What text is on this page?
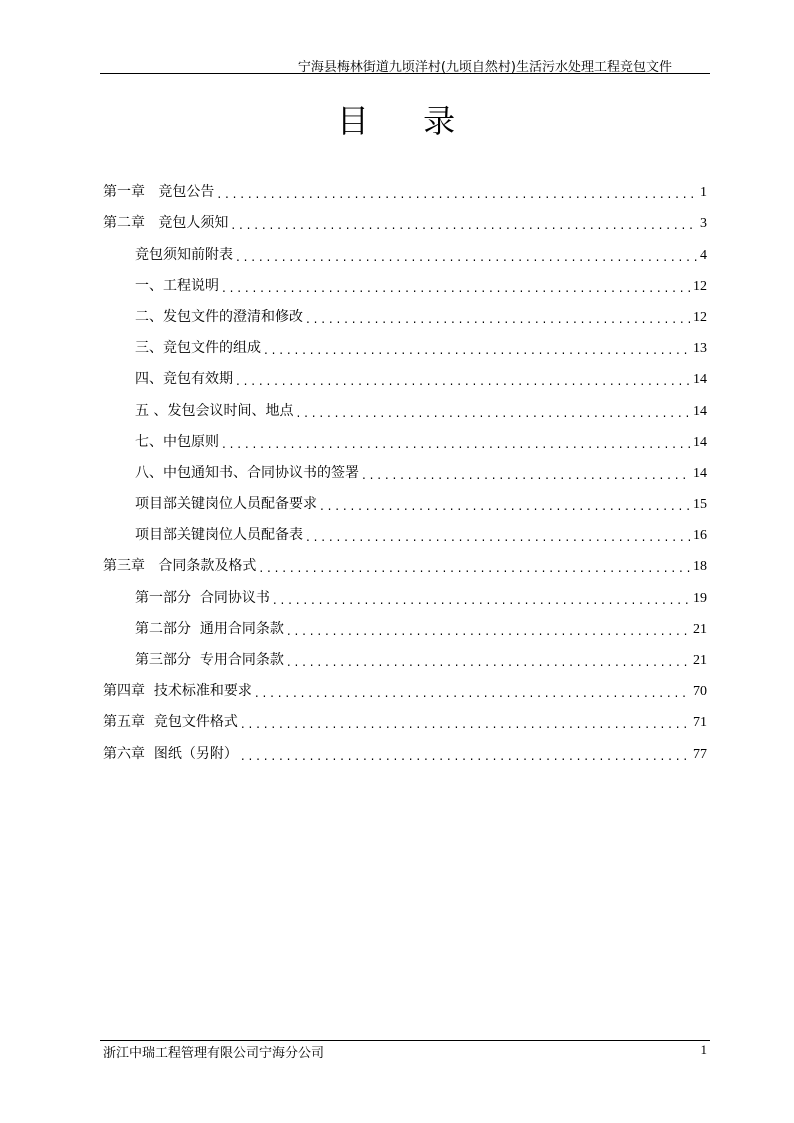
宁海县梅林街道九顷洋村(九顷自然村)生活污水处理工程竞包文件
目 录
第一章   竞包公告 . . .	1
第二章   竞包人须知 . . .	3
竞包须知前附表 . . .	4
一、工程说明 . . .	12
二、发包文件的澄清和修改 . . .	12
三、竞包文件的组成 . . .	13
四、竞包有效期 . . .	14
五 、发包会议时间、地点 . . .	14
七、中包原则 . . .	14
八、中包通知书、合同协议书的签署 . . .	14
项目部关键岗位人员配备要求 . . .	15
项目部关键岗位人员配备表 . . .	16
第三章   合同条款及格式 . . .	18
第一部分  合同协议书 . . .	19
第二部分  通用合同条款 . . .	21
第三部分  专用合同条款 . . .	21
第四章  技术标准和要求 . . .	70
第五章  竞包文件格式 . . .	71
第六章  图纸（另附） . . .	77
浙江中瑞工程管理有限公司宁海分公司	1
